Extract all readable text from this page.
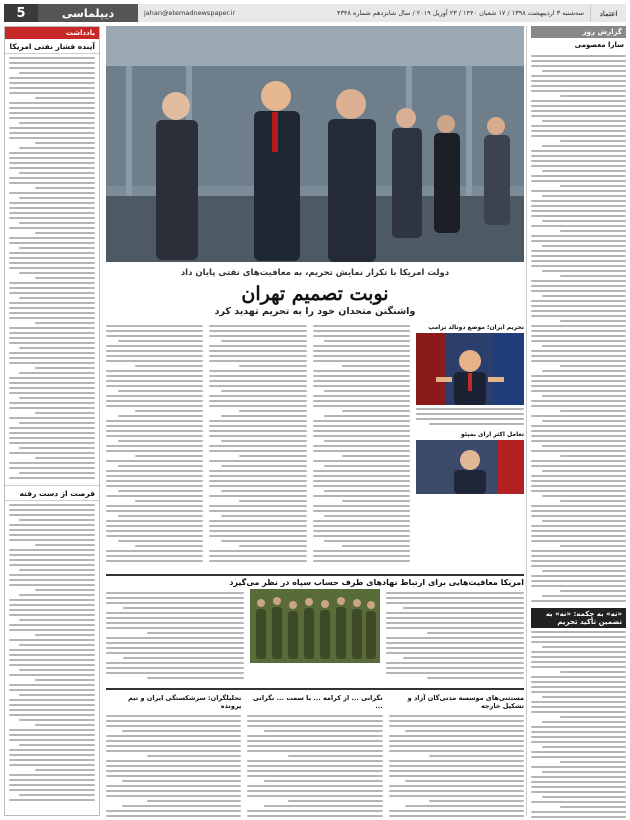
5	دیپلماسی	jahan@etemadnewspaper.ir	سه‌شنبه ۳ اردیبهشت ۱۳۹۸ / ۱۷ شعبان ۱۴۴۰ / ۲۳ آوریل ۲۰۱۹ / سال شانزدهم شماره ۴۳۴۸	اعتماد
یادداشت
آینده فشار نفتی امریکا
فرصت از دست رفته
گزارش روز
سارا معصومی
«نه» به چکمه: «نه» به تضمین‌ تأکید تحریم
دولت امریکا با تکرار نمایش تحریم، به معافیت‌های نفتی پایان داد
نوبت تصمیم تهران
واشنگتن متحدان خود را به تحریم تهدید کرد
تحریم ایران؛ موضع دونالد ترامپ
تعامل اکثر ارای بمپئو
امریکا معافیت‌هایی برای ارتباط نهادهای طرف حساب سپاه در نظر می‌گیرد
مستثنی‌های موسسه مدنی‌گان آزاد و تشکیل خارجه
نگرانی ... از کرامه ... با سمت ... نگرانی ...
تحلیلگران: سرشکستگی ایران و تیم پرونده
